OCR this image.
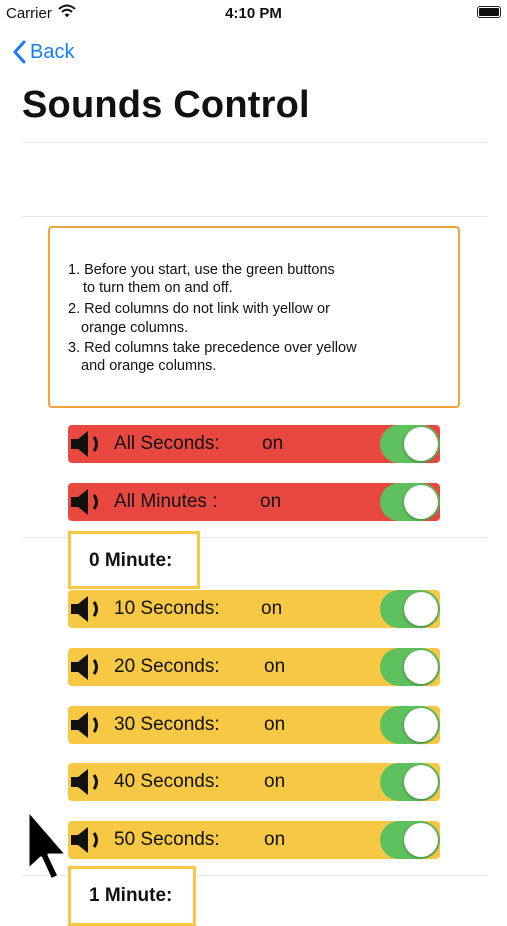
Carrier	4:10 PM
Back
Sounds Control
1. Before you start, use the green buttons
to turn them on and off.
2. Red columns do not link with yellow or
orange columns.
3. Red columns take precedence over yellow
and orange columns.
All Seconds: on
All Minutes : on
0 Minute:
10 Seconds: on
20 Seconds: on
30 Seconds: on
40 Seconds: on
50 Seconds: on
1 Minute:
